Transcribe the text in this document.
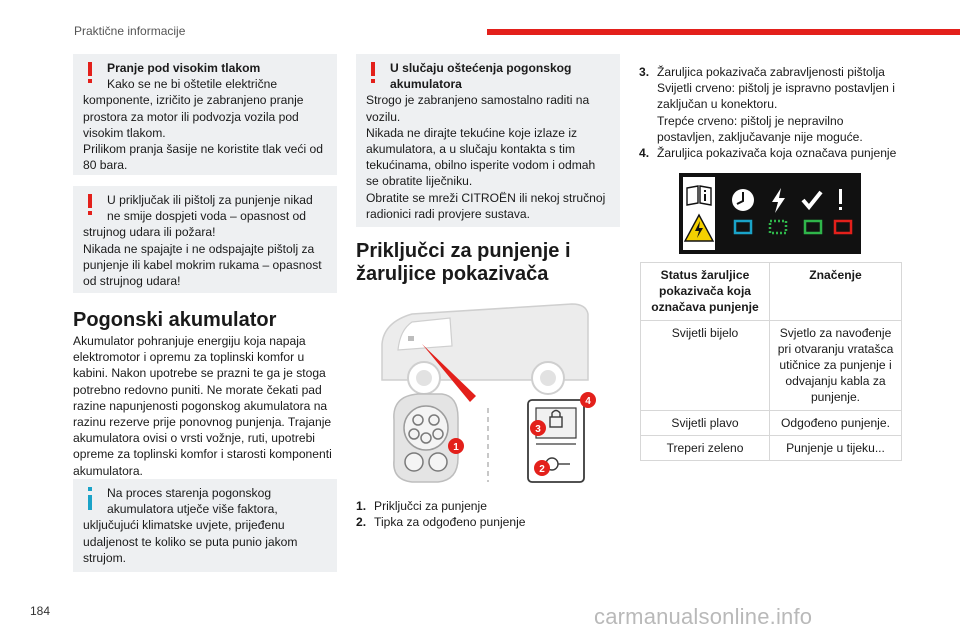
Praktične informacije
Pranje pod visokim tlakom
Kako se ne bi oštetile električne
komponente, izričito je zabranjeno pranje prostora za motor ili podvozja vozila pod visokim tlakom.
Prilikom pranja šasije ne koristite tlak veći od 80 bara.
U priključak ili pištolj za punjenje nikad
ne smije dospjeti voda – opasnost od
strujnog udara ili požara!
Nikada ne spajajte i ne odspajajte pištolj za punjenje ili kabel mokrim rukama – opasnost od strujnog udara!
Pogonski akumulator
Akumulator pohranjuje energiju koja napaja elektromotor i opremu za toplinski komfor u kabini. Nakon upotrebe se prazni te ga je stoga potrebno redovno puniti. Ne morate čekati pad razine napunjenosti pogonskog akumulatora na razinu rezerve prije ponovnog punjenja. Trajanje akumulatora ovisi o vrsti vožnje, ruti, upotrebi opreme za toplinski komfor i starosti komponenti akumulatora.
Na proces starenja pogonskog
akumulatora utječe više faktora,
uključujući klimatske uvjete, prijeđenu udaljenost te koliko se puta punio jakom strujom.
U slučaju oštećenja pogonskog akumulatora
Strogo je zabranjeno samostalno raditi na vozilu.
Nikada ne dirajte tekućine koje izlaze iz akumulatora, a u slučaju kontakta s tim tekućinama, obilno isperite vodom i odmah se obratite liječniku.
Obratite se mreži CITROËN ili nekoj stručnoj radionici radi provjere sustava.
Priključci za punjenje i žaruljice pokazivača
1
2
3
4
1. Priključci za punjenje
2. Tipka za odgođeno punjenje
3. Žaruljica pokazivača zabravljenosti pištolja
Svijetli crveno: pištolj je ispravno postavljen i zaključan u konektoru.
Trepće crveno: pištolj je nepravilno postavljen, zaključavanje nije moguće.
4. Žaruljica pokazivača koja označava punjenje
Status žaruljice pokazivača koja označava punjenje	Značenje
Svijetli bijelo	Svjetlo za navođenje pri otvaranju vratašca utičnice za punjenje i odvajanju kabla za punjenje.
Svijetli plavo	Odgođeno punjenje.
Treperi zeleno	Punjenje u tijeku...
184	carmanualsonline.info
